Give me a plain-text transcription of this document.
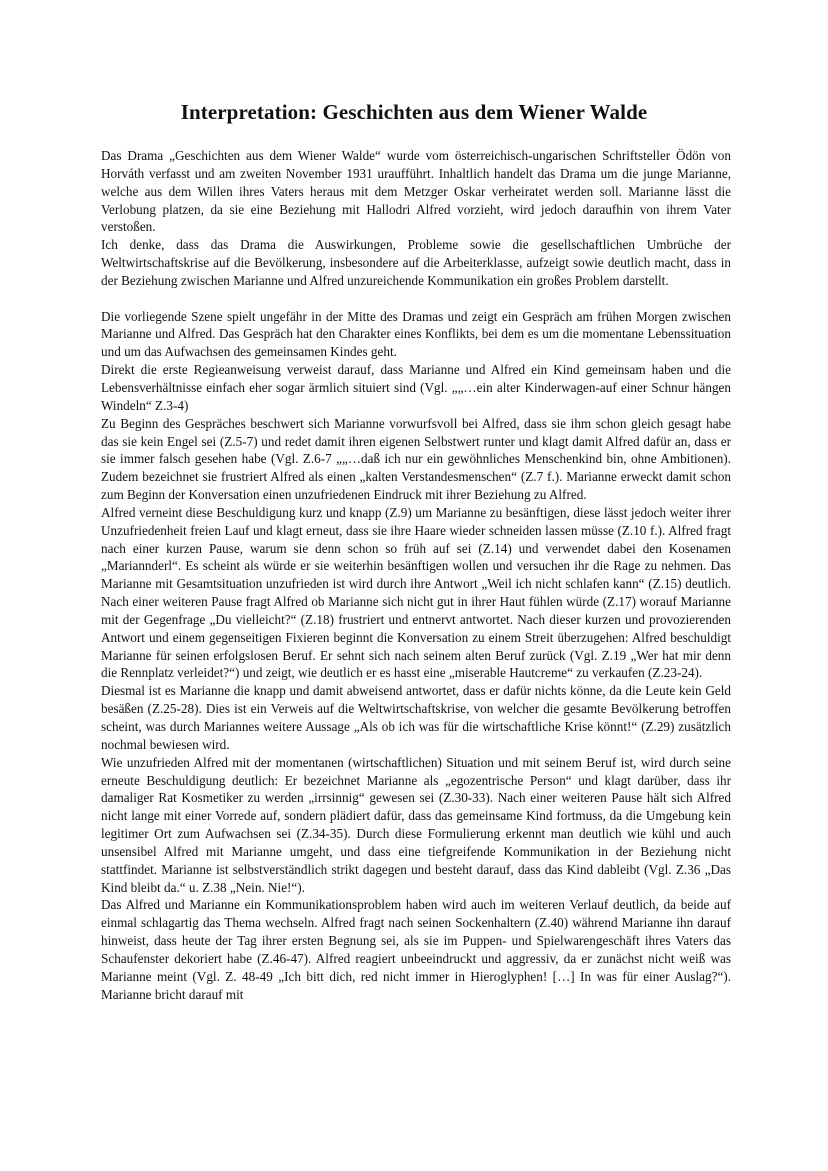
Interpretation: Geschichten aus dem Wiener Walde

Das Drama „Geschichten aus dem Wiener Walde“ wurde vom österreichisch-ungarischen Schriftsteller Ödön von Horváth verfasst und am zweiten November 1931 uraufführt. Inhaltlich handelt das Drama um die junge Marianne, welche aus dem Willen ihres Vaters heraus mit dem Metzger Oskar verheiratet werden soll. Marianne lässt die Verlobung platzen, da sie eine Beziehung mit Hallodri Alfred vorzieht, wird jedoch daraufhin von ihrem Vater verstoßen.

Ich denke, dass das Drama die Auswirkungen, Probleme sowie die gesellschaftlichen Umbrüche der Weltwirtschaftskrise auf die Bevölkerung, insbesondere auf die Arbeiterklasse, aufzeigt sowie deutlich macht, dass in der Beziehung zwischen Marianne und Alfred unzureichende Kommunikation ein großes Problem darstellt.

Die vorliegende Szene spielt ungefähr in der Mitte des Dramas und zeigt ein Gespräch am frühen Morgen zwischen Marianne und Alfred. Das Gespräch hat den Charakter eines Konflikts, bei dem es um die momentane Lebenssituation und um das Aufwachsen des gemeinsamen Kindes geht.

Direkt die erste Regieanweisung verweist darauf, dass Marianne und Alfred ein Kind gemeinsam haben und die Lebensverhältnisse einfach eher sogar ärmlich situiert sind (Vgl. „„…ein alter Kinderwagen-auf einer Schnur hängen Windeln“ Z.3-4)

Zu Beginn des Gespräches beschwert sich Marianne vorwurfsvoll bei Alfred, dass sie ihm schon gleich gesagt habe das sie kein Engel sei (Z.5-7) und redet damit ihren eigenen Selbstwert runter und klagt damit Alfred dafür an, dass er sie immer falsch gesehen habe (Vgl. Z.6-7 „„…daß ich nur ein gewöhnliches Menschenkind bin, ohne Ambitionen). Zudem bezeichnet sie frustriert Alfred als einen „kalten Verstandesmenschen“ (Z.7 f.). Marianne erweckt damit schon zum Beginn der Konversation einen unzufriedenen Eindruck mit ihrer Beziehung zu Alfred.

Alfred verneint diese Beschuldigung kurz und knapp (Z.9) um Marianne zu besänftigen, diese lässt jedoch weiter ihrer Unzufriedenheit freien Lauf und klagt erneut, dass sie ihre Haare wieder schneiden lassen müsse (Z.10 f.). Alfred fragt nach einer kurzen Pause, warum sie denn schon so früh auf sei (Z.14) und verwendet dabei den Kosenamen „Mariannderl“. Es scheint als würde er sie weiterhin besänftigen wollen und versuchen ihr die Rage zu nehmen. Das Marianne mit Gesamtsituation unzufrieden ist wird durch ihre Antwort „Weil ich nicht schlafen kann“ (Z.15) deutlich. Nach einer weiteren Pause fragt Alfred ob Marianne sich nicht gut in ihrer Haut fühlen würde (Z.17) worauf Marianne mit der Gegenfrage „Du vielleicht?“ (Z.18) frustriert und entnervt antwortet. Nach dieser kurzen und provozierenden Antwort und einem gegenseitigen Fixieren beginnt die Konversation zu einem Streit überzugehen: Alfred beschuldigt Marianne für seinen erfolgslosen Beruf. Er sehnt sich nach seinem alten Beruf zurück (Vgl. Z.19 „Wer hat mir denn die Rennplatz verleidet?“) und zeigt, wie deutlich er es hasst eine „miserable Hautcreme“ zu verkaufen (Z.23-24).

Diesmal ist es Marianne die knapp und damit abweisend antwortet, dass er dafür nichts könne, da die Leute kein Geld besäßen (Z.25-28). Dies ist ein Verweis auf die Weltwirtschaftskrise, von welcher die gesamte Bevölkerung betroffen scheint, was durch Mariannes weitere Aussage „Als ob ich was für die wirtschaftliche Krise könnt!“ (Z.29) zusätzlich nochmal bewiesen wird.

Wie unzufrieden Alfred mit der momentanen (wirtschaftlichen) Situation und mit seinem Beruf ist, wird durch seine erneute Beschuldigung deutlich: Er bezeichnet Marianne als „egozentrische Person“ und klagt darüber, dass ihr damaliger Rat Kosmetiker zu werden „irrsinnig“ gewesen sei (Z.30-33). Nach einer weiteren Pause hält sich Alfred nicht lange mit einer Vorrede auf, sondern plädiert dafür, dass das gemeinsame Kind fortmuss, da die Umgebung kein legitimer Ort zum Aufwachsen sei (Z.34-35). Durch diese Formulierung erkennt man deutlich wie kühl und auch unsensibel Alfred mit Marianne umgeht, und dass eine tiefgreifende Kommunikation in der Beziehung nicht stattfindet. Marianne ist selbstverständlich strikt dagegen und besteht darauf, dass das Kind dableibt (Vgl. Z.36 „Das Kind bleibt da.“ u. Z.38 „Nein. Nie!“).

Das Alfred und Marianne ein Kommunikationsproblem haben wird auch im weiteren Verlauf deutlich, da beide auf einmal schlagartig das Thema wechseln. Alfred fragt nach seinen Sockenhaltern (Z.40) während Marianne ihn darauf hinweist, dass heute der Tag ihrer ersten Begnung sei, als sie im Puppen- und Spielwarengeschäft ihres Vaters das Schaufenster dekoriert habe (Z.46-47). Alfred reagiert unbeeindruckt und aggressiv, da er zunächst nicht weiß was Marianne meint (Vgl. Z. 48-49 „Ich bitt dich, red nicht immer in Hieroglyphen! […] In was für einer Auslag?“). Marianne bricht darauf mit
